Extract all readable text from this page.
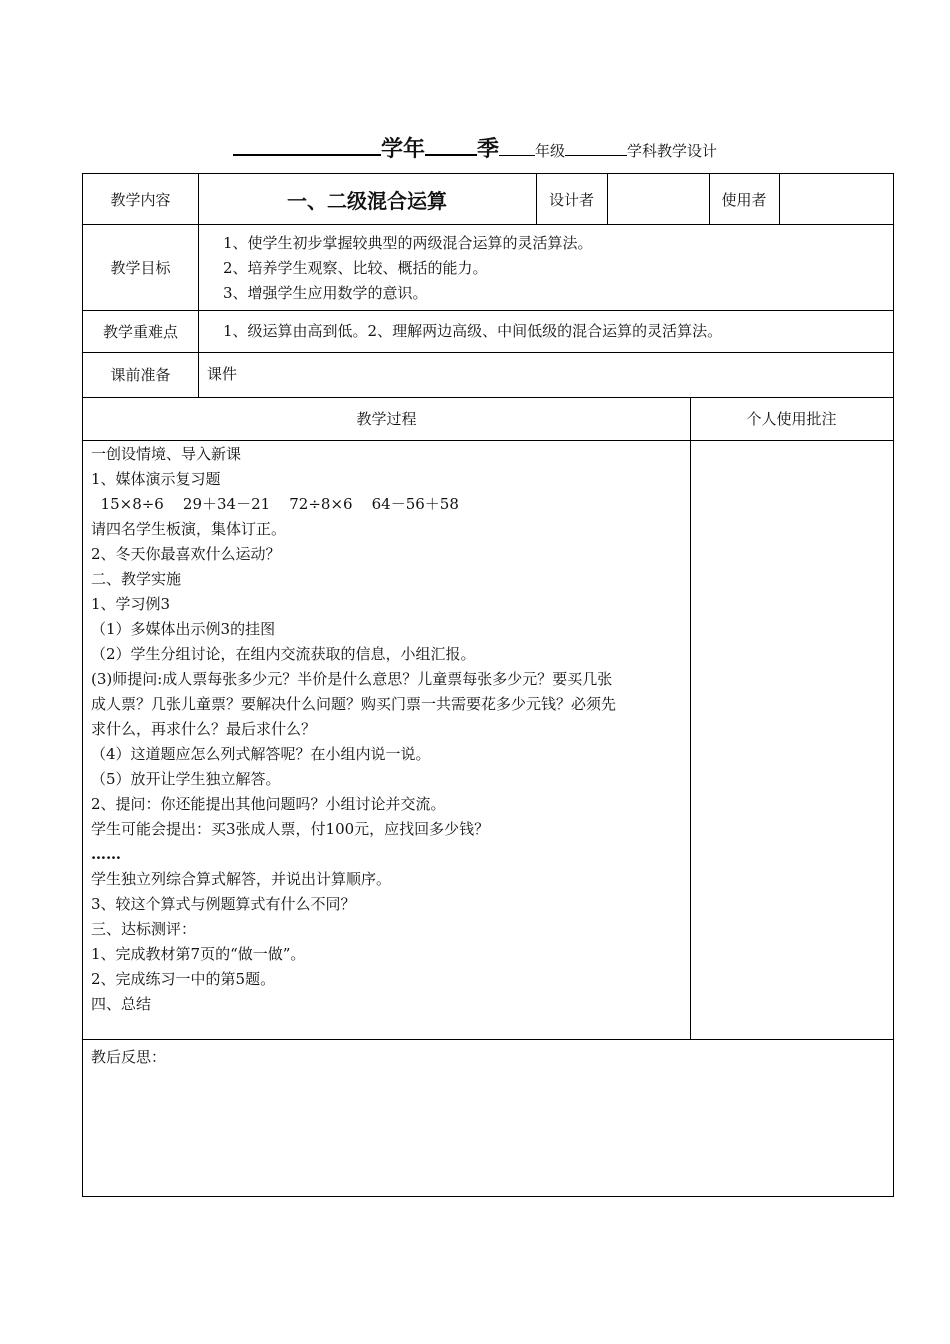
学年 季 年级	学科教学设计
教学内容	一、二级混合运算	设计者	使用者
教学目标

1、使学生初步掌握较典型的两级混合运算的灵活算法。

2、培养学生观察、比较、概括的能力。

3、增强学生应用数学的意识。

教学重难点	1、级运算由高到低。2、理解两边高级、中间低级的混合运算的灵活算法。
课前准备	课件
教学过程	个人使用批注

一创设情境、导入新课

1、媒体演示复习题

15×8÷6    29＋34－21    72÷8×6    64－56＋58

请四名学生板演，集体订正。

2、冬天你最喜欢什么运动？

二、教学实施

1、学习例3

（1）多媒体出示例3的挂图

（2）学生分组讨论，在组内交流获取的信息，小组汇报。

(3)师提问:成人票每张多少元？半价是什么意思？儿童票每张多少元？要买几张

成人票？几张儿童票？要解决什么问题？购买门票一共需要花多少元钱？必须先

求什么，再求什么？最后求什么？

（4）这道题应怎么列式解答呢？在小组内说一说。

（5）放开让学生独立解答。

2、提问：你还能提出其他问题吗？小组讨论并交流。

学生可能会提出：买3张成人票，付100元，应找回多少钱？

……

学生独立列综合算式解答，并说出计算顺序。

3、较这个算式与例题算式有什么不同？

三、达标测评：

1、完成教材第7页的“做一做”。

2、完成练习一中的第5题。

四、总结

教后反思：
